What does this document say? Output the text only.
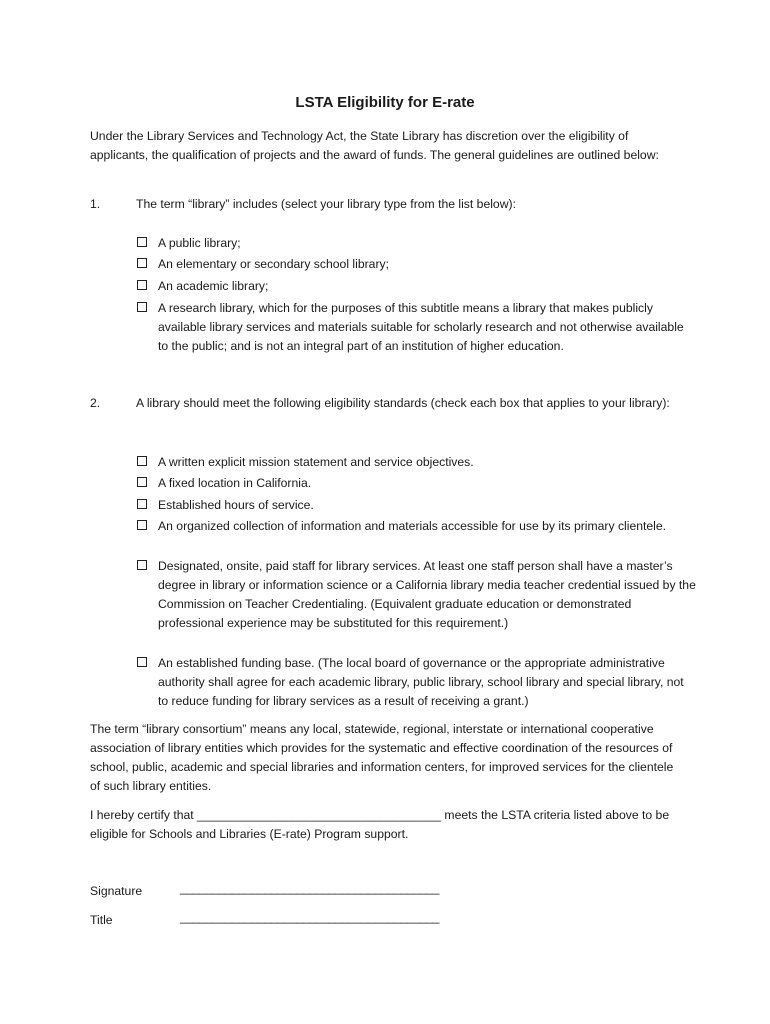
LSTA Eligibility for E-rate
Under the Library Services and Technology Act, the State Library has discretion over the eligibility of applicants, the qualification of projects and the award of funds. The general guidelines are outlined below:
1.	The term “library” includes (select your library type from the list below):
A public library;
An elementary or secondary school library;
An academic library;
A research library, which for the purposes of this subtitle means a library that makes publicly available library services and materials suitable for scholarly research and not otherwise available to the public; and is not an integral part of an institution of higher education.
2.	A library should meet the following eligibility standards (check each box that applies to your library):
A written explicit mission statement and service objectives.
A fixed location in California.
Established hours of service.
An organized collection of information and materials accessible for use by its primary clientele.
Designated, onsite, paid staff for library services. At least one staff person shall have a master’s degree in library or information science or a California library media teacher credential issued by the Commission on Teacher Credentialing. (Equivalent graduate education or demonstrated professional experience may be substituted for this requirement.)
An established funding base. (The local board of governance or the appropriate administrative authority shall agree for each academic library, public library, school library and special library, not to reduce funding for library services as a result of receiving a grant.)
The term “library consortium” means any local, statewide, regional, interstate or international cooperative association of library entities which provides for the systematic and effective coordination of the resources of school, public, academic and special libraries and information centers, for improved services for the clientele of such library entities.
I hereby certify that ____________________________________ meets the LSTA criteria listed above to be eligible for Schools and Libraries (E-rate) Program support.
Signature	________________________________________
Title	________________________________________
